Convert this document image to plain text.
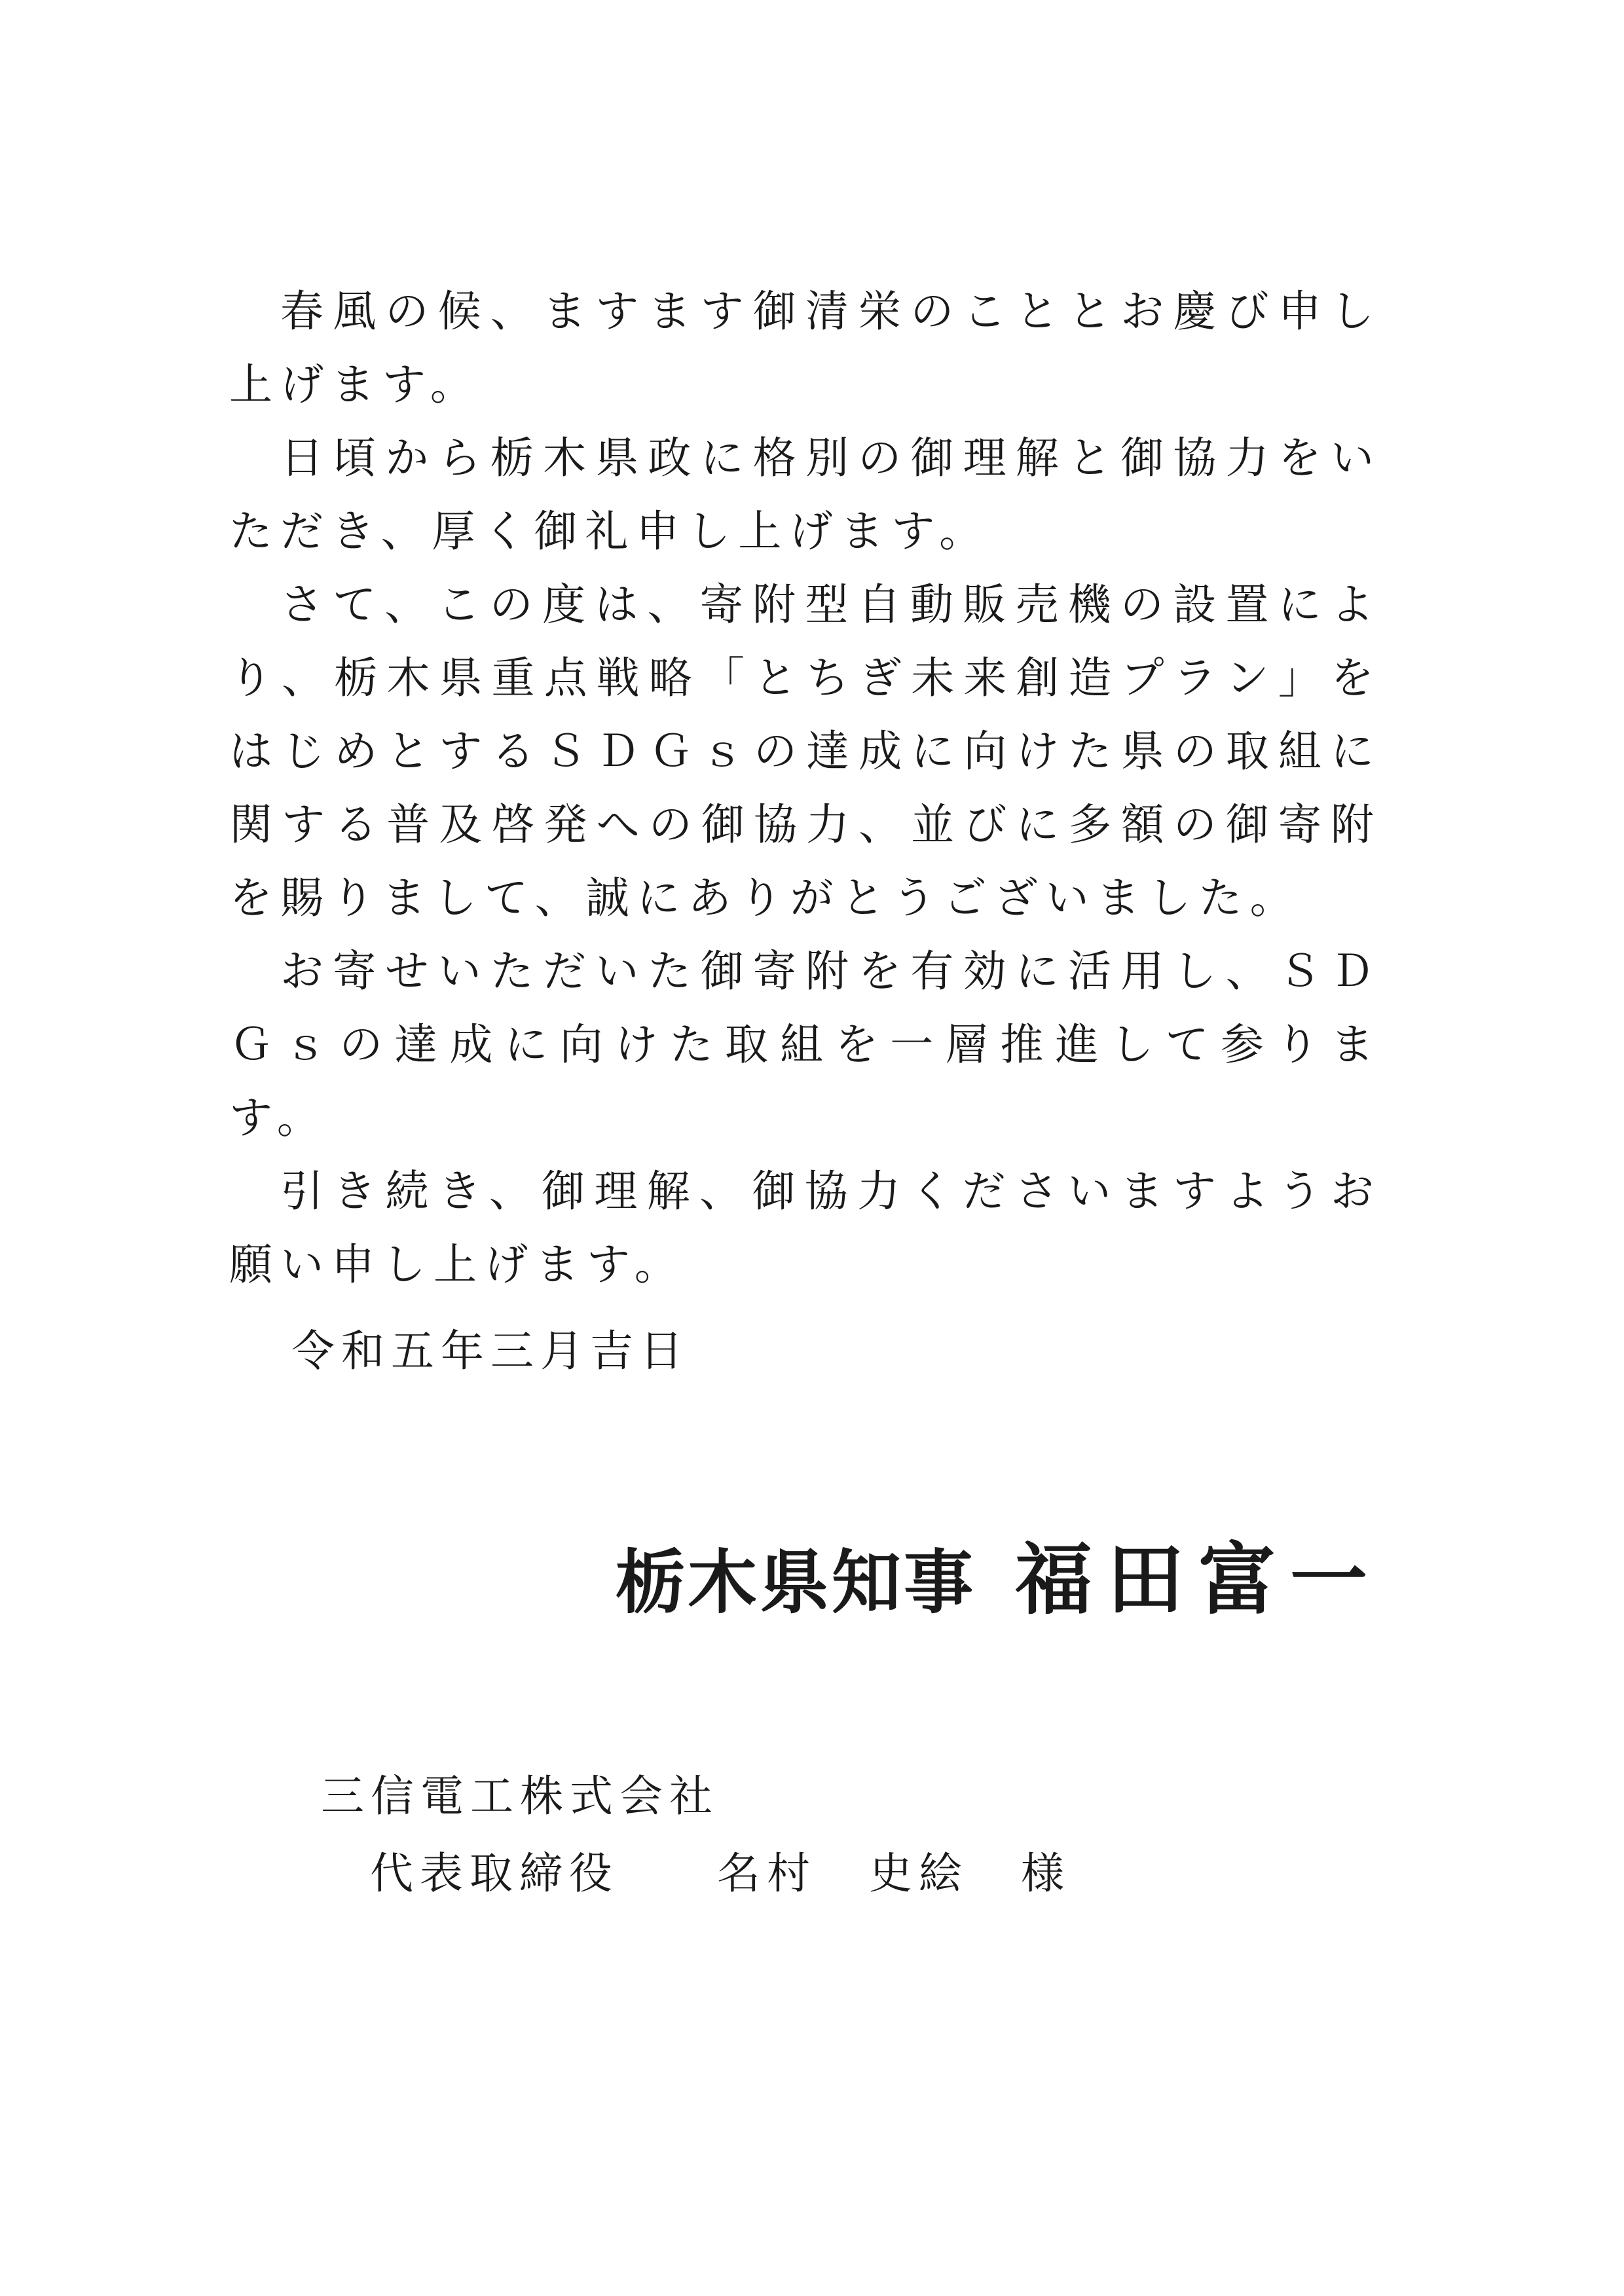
春風の候、ますます御清栄のこととお慶び申し上げます。

日頃から栃木県政に格別の御理解と御協力をいただき、厚く御礼申し上げます。

さて、この度は、寄附型自動販売機の設置により、栃木県重点戦略「とちぎ未来創造プラン」をはじめとするＳＤＧｓの達成に向けた県の取組に関する普及啓発への御協力、並びに多額の御寄附を賜りまして、誠にありがとうございました。

お寄せいただいた御寄附を有効に活用し、ＳＤＧｓの達成に向けた取組を一層推進して参ります。

引き続き、御理解、御協力くださいますようお願い申し上げます。

令和五年三月吉日
栃木県知事 福田富一
三信電工株式会社
代表取締役 名村 史絵 様
